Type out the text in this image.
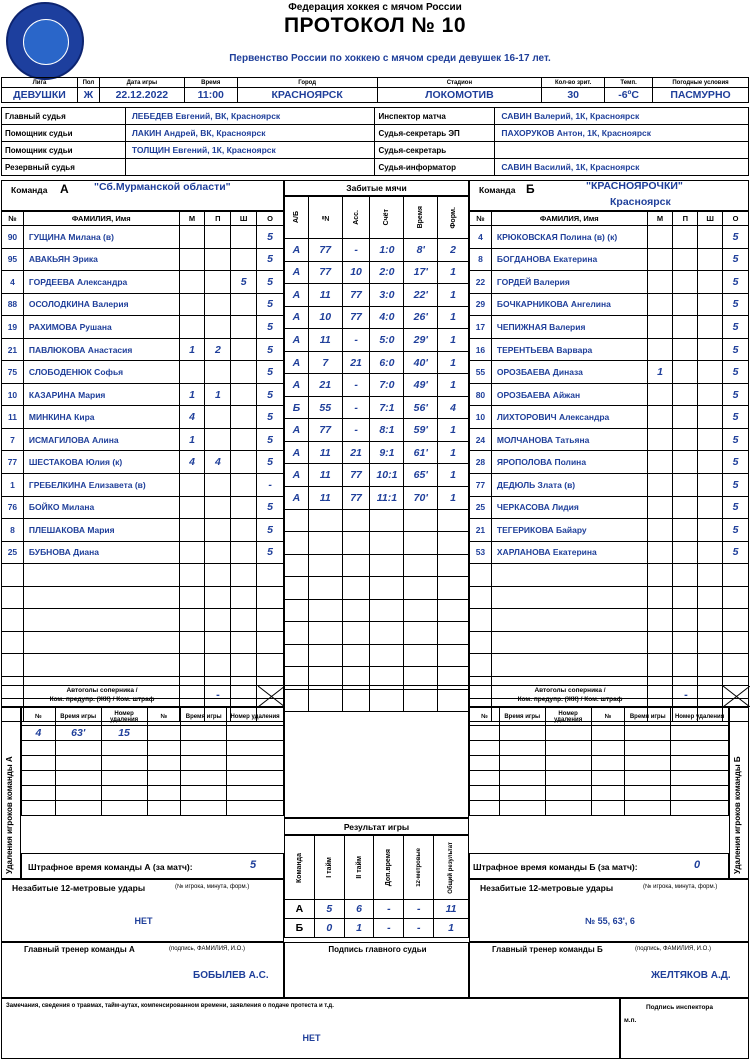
Федерация хоккея с мячом России
ПРОТОКОЛ № 10
Первенство России по хоккею с мячом среди девушек 16-17 лет.
Лига	Пол	Дата игры	Время	Город	Стадион	Кол-во зрит.	Темп.	Погодные условия
ДЕВУШКИ	Ж	22.12.2022	11:00	КРАСНОЯРСК	ЛОКОМОТИВ	30	-6ºС	ПАСМУРНО
Главный судья	ЛЕБЕДЕВ Евгений, ВК, Красноярск	Инспектор матча	САВИН Валерий, 1К, Красноярск
Помощник судьи	ЛАКИН Андрей, ВК, Красноярск	Судья-секретарь ЭП	ПАХОРУКОВ Антон, 1К, Красноярск
Помощник судьи	ТОЛЩИН Евгений, 1К, Красноярск	Судья-секретарь	
Резервный судья		Судья-информатор	САВИН Василий, 1К, Красноярск
Команда А "Сб.Мурманской области"
№	ФАМИЛИЯ, Имя	М	П	Ш	О
90	ГУЩИНА Милана (в)				5
95	АВАКЬЯН Эрика				5
4	ГОРДЕЕВА Александра			5	5
88	ОСОЛОДКИНА Валерия				5
19	РАХИМОВА Рушана				5
21	ПАВЛЮКОВА Анастасия	1	2		5
75	СЛОБОДЕНЮК Софья				5
10	КАЗАРИНА Мария	1	1		5
11	МИНКИНА Кира	4			5
7	ИСМАГИЛОВА Алина	1			5
77	ШЕСТАКОВА Юлия (к)	4	4		5
1	ГРЕБЕЛКИНА Елизавета (в)				-
76	БОЙКО Милана				5
8	ПЛЕШАКОВА Мария				5
25	БУБНОВА Диана				5

Забитые мячи
А/Б	№	Асс.	Счёт	Время	Форм.

А	77	-	1:0	8'	2
А	77	10	2:0	17'	1
А	11	77	3:0	22'	1
А	10	77	4:0	26'	1
А	11	-	5:0	29'	1
А	7	21	6:0	40'	1
А	21	-	7:0	49'	1
Б	55	-	7:1	56'	4
А	77	-	8:1	59'	1
А	11	21	9:1	61'	1
А	11	77	10:1	65'	1
А	11	77	11:1	70'	1

Команда Б	"КРАСНОЯРОЧКИ"
Красноярск
№	ФАМИЛИЯ, Имя	М	П	Ш	О
4	КРЮКОВСКАЯ Полина (в) (к)				5
8	БОГДАНОВА Екатерина				5
22	ГОРДЕЙ Валерия				5
29	БОЧКАРНИКОВА Ангелина				5
17	ЧЕПИЖНАЯ Валерия				5
16	ТЕРЕНТЬЕВА Варвара				5
55	ОРОЗБАЕВА Диназа	1			5
80	ОРОЗБАЕВА Айжан				5
10	ЛИХТОРОВИЧ Александра				5
24	МОЛЧАНОВА Татьяна				5
28	ЯРОПОЛОВА Полина				5
77	ДЕДЮЛЬ Злата (в)				5
25	ЧЕРКАСОВА Лидия				5
21	ТЕГЕРИКОВА Байару				5
53	ХАРЛАНОВА Екатерина				5

Автоголы соперника /
Ком. предупр. (ЖК) / Ком. штраф	-	Автоголы соперника /
Ком. предупр. (ЖК) / Ком. штраф	-
Удаления игроков команды А
№	Время игры	Номер удаления	№	Время игры	Номер удаления
4	63'	15			

Штрафное время команды А (за матч):	5
№	Время игры	Номер удаления	№	Время игры	Номер удаления

Удаления игроков команды Б
Штрафное время команды Б (за матч):	0
Результат игры
Команда	I тайм	II тайм	Доп.время	12-метровые	Общий результат

А	5	6	-	-	11
Б	0	1	-	-	1
Незабитые 12-метровые удары	(№ игрока, минута, форм.)
НЕТ
Незабитые 12-метровые удары	(№ игрока, минута, форм.)
№ 55, 63', 6
Главный тренер команды А	(подпись, ФАМИЛИЯ, И.О.)
БОБЫЛЕВ А.С.
Подпись главного судьи	Главный тренер команды Б	(подпись, ФАМИЛИЯ, И.О.)
ЖЕЛТЯКОВ А.Д.
Замечания, сведения о травмах, тайм-аутах, компенсированном времени, заявления о подаче протеста и т.д.
НЕТ
Подпись инспектора
м.п.
